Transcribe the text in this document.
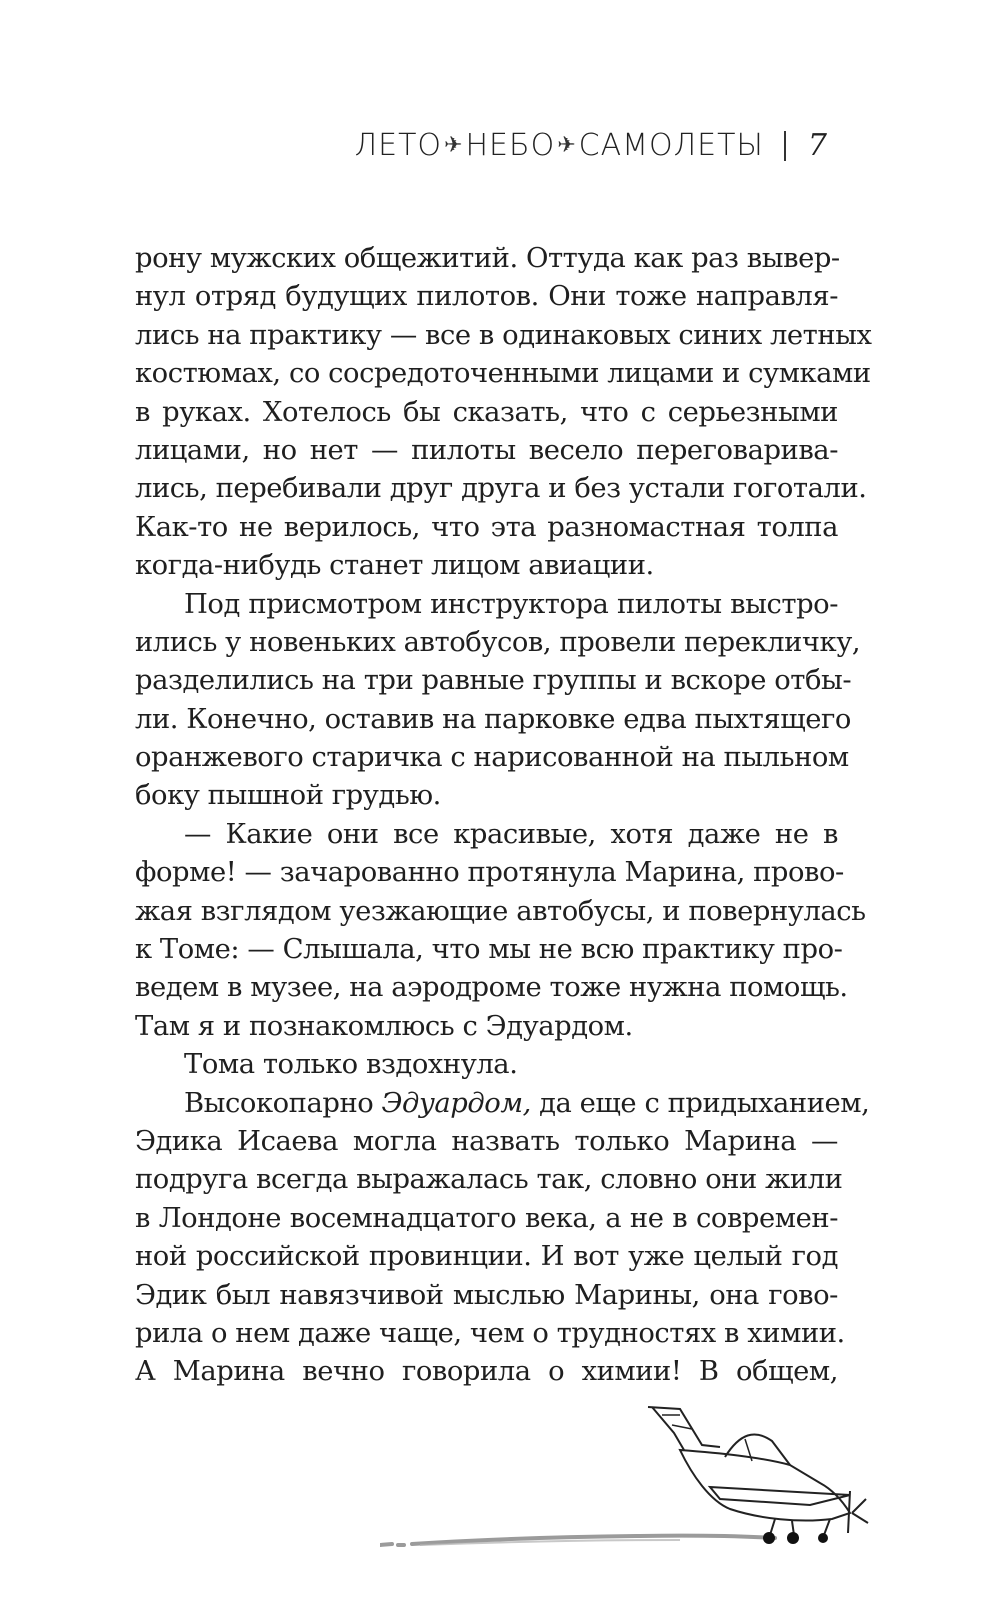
ЛЕТО ✈ НЕБО ✈ САМОЛЕТЫ 7
рону мужских общежитий. Оттуда как раз вывер-
нул отряд будущих пилотов. Они тоже направля-
лись на практику — все в одинаковых синих летных
костюмах, со сосредоточенными лицами и сумками
в руках. Хотелось бы сказать, что с серьезными
лицами, но нет — пилоты весело переговарива-
лись, перебивали друг друга и без устали гоготали.
Как-то не верилось, что эта разномастная толпа
когда-нибудь станет лицом авиации.
Под присмотром инструктора пилоты выстро-
ились у новеньких автобусов, провели перекличку,
разделились на три равные группы и вскоре отбы-
ли. Конечно, оставив на парковке едва пыхтящего
оранжевого старичка с нарисованной на пыльном
боку пышной грудью.
— Какие они все красивые, хотя даже не в
форме! — зачарованно протянула Марина, прово-
жая взглядом уезжающие автобусы, и повернулась
к Томе: — Слышала, что мы не всю практику про-
ведем в музее, на аэродроме тоже нужна помощь.
Там я и познакомлюсь с Эдуардом.
Тома только вздохнула.
Высокопарно Эдуардом, да еще с придыханием,
Эдика Исаева могла назвать только Марина —
подруга всегда выражалась так, словно они жили
в Лондоне восемнадцатого века, а не в современ-
ной российской провинции. И вот уже целый год
Эдик был навязчивой мыслью Марины, она гово-
рила о нем даже чаще, чем о трудностях в химии.
А Марина вечно говорила о химии! В общем,
